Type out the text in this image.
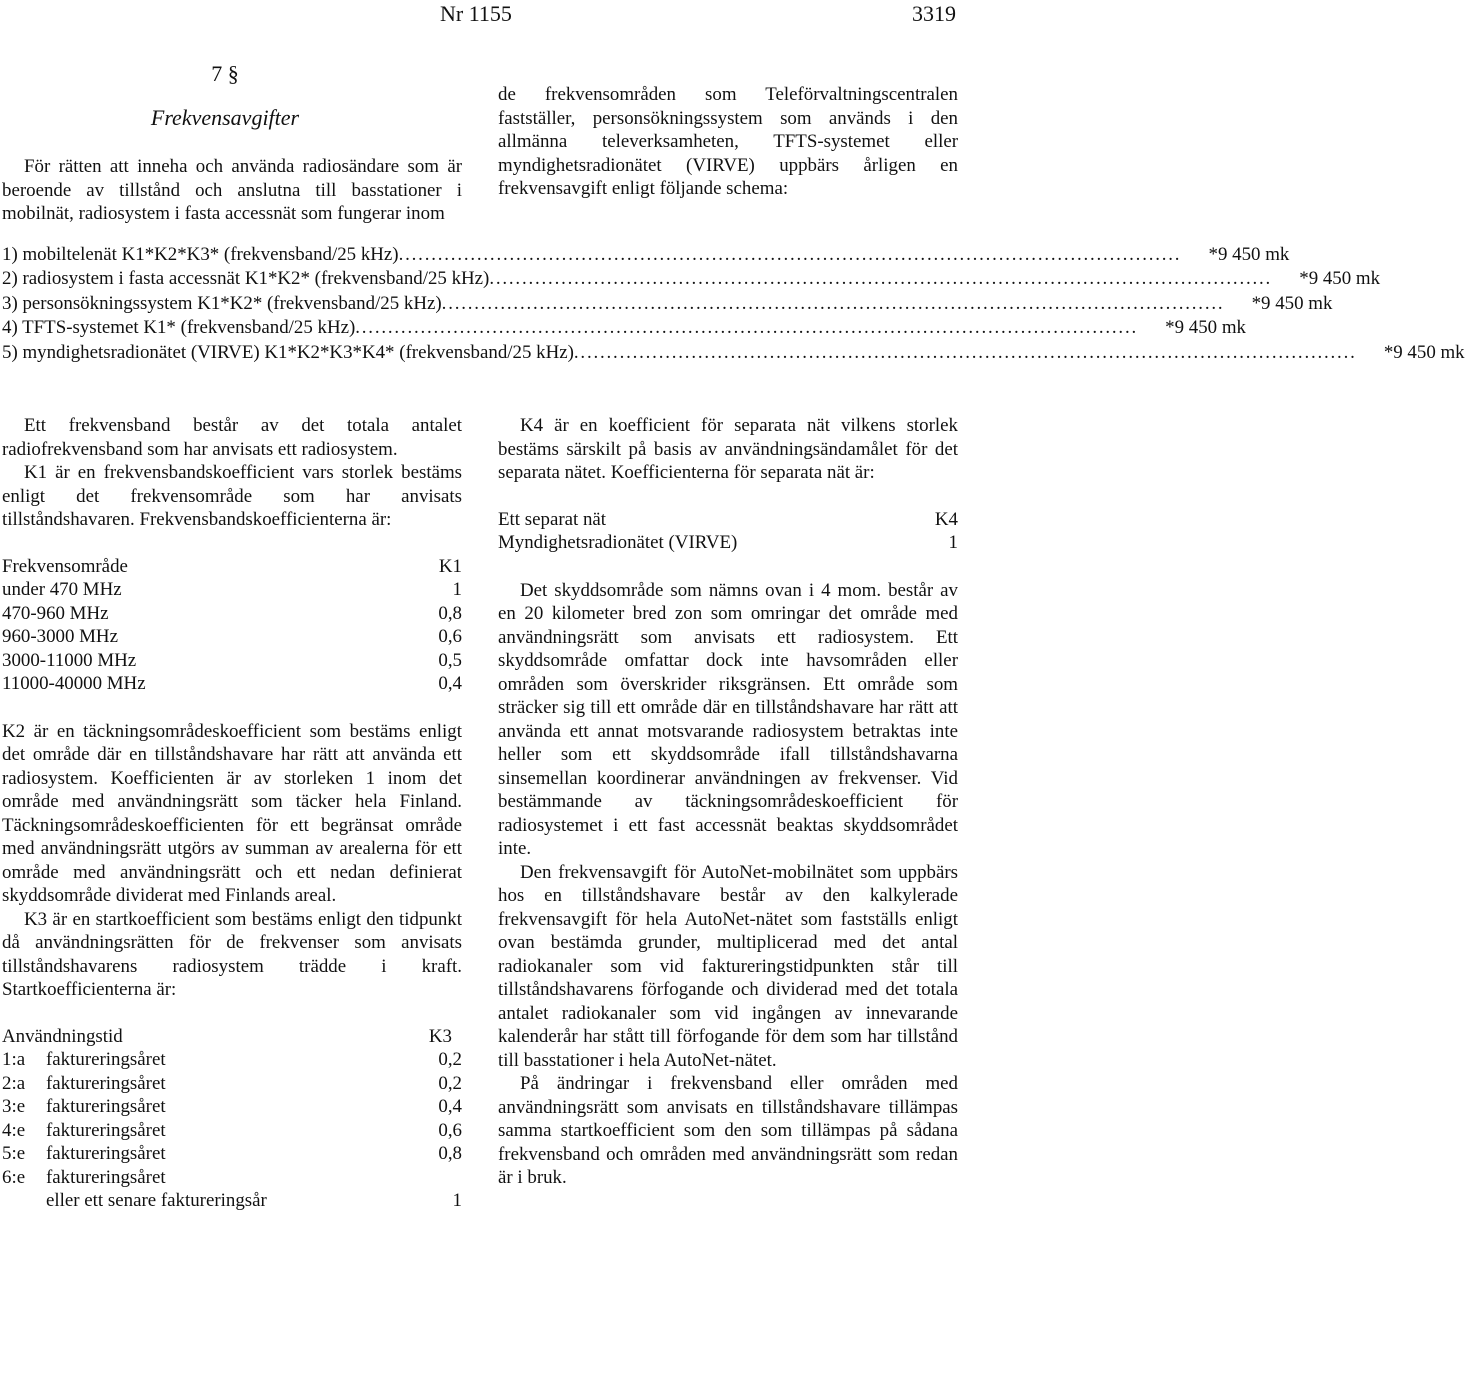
Nr 1155	3319
7 §
Frekvensavgifter

För rätten att inneha och använda radiosändare som är beroende av tillstånd och anslutna till basstationer i mobilnät, radiosystem i fasta accessnät som fungerar inom

de frekvensområden som Teleförvaltningscentralen fastställer, personsökningssystem som används i den allmänna televerksamheten, TFTS-systemet eller myndighetsradionätet (VIRVE) uppbärs årligen en frekvensavgift enligt följande schema:

1) mobiltelenät K1*K2*K3* (frekvensband/25 kHz) ........................................................................................................................	*9 450 mk
2) radiosystem i fasta accessnät K1*K2* (frekvensband/25 kHz) ........................................................................................................................	*9 450 mk
3) personsökningssystem K1*K2* (frekvensband/25 kHz) ........................................................................................................................	*9 450 mk
4) TFTS-systemet K1* (frekvensband/25 kHz) ........................................................................................................................	*9 450 mk
5) myndighetsradionätet (VIRVE) K1*K2*K3*K4* (frekvensband/25 kHz) ........................................................................................................................	*9 450 mk

Ett frekvensband består av det totala antalet radiofrekvensband som har anvisats ett radiosystem.

K1 är en frekvensbandskoefficient vars storlek bestäms enligt det frekvensområde som har anvisats tillståndshavaren. Frekvensbandskoefficienterna är:

Frekvensområde	K1
under 470 MHz	1
470-960 MHz	0,8
960-3000 MHz	0,6
3000-11000 MHz	0,5
11000-40000 MHz	0,4

K2 är en täckningsområdeskoefficient som bestäms enligt det område där en tillståndshavare har rätt att använda ett radiosystem. Koefficienten är av storleken 1 inom det område med användningsrätt som täcker hela Finland. Täckningsområdeskoefficienten för ett begränsat område med användningsrätt utgörs av summan av arealerna för ett område med användningsrätt och ett nedan definierat skyddsområde dividerat med Finlands areal.

K3 är en startkoefficient som bestäms enligt den tidpunkt då användningsrätten för de frekvenser som anvisats tillståndshavarens radiosystem trädde i kraft. Startkoefficienterna är:

Användningstid	K3
1:a	faktureringsåret	0,2
2:a	faktureringsåret	0,2
3:e	faktureringsåret	0,4
4:e	faktureringsåret	0,6
5:e	faktureringsåret	0,8
6:e	faktureringsåret
eller ett senare faktureringsår	1

K4 är en koefficient för separata nät vilkens storlek bestäms särskilt på basis av användningsändamålet för det separata nätet. Koefficienterna för separata nät är:

Ett separat nät	K4
Myndighetsradionätet (VIRVE)	1

Det skyddsområde som nämns ovan i 4 mom. består av en 20 kilometer bred zon som omringar det område med användningsrätt som anvisats ett radiosystem. Ett skyddsområde omfattar dock inte havsområden eller områden som överskrider riksgränsen. Ett område som sträcker sig till ett område där en tillståndshavare har rätt att använda ett annat motsvarande radiosystem betraktas inte heller som ett skyddsområde ifall tillståndshavarna sinsemellan koordinerar användningen av frekvenser. Vid bestämmande av täckningsområdeskoefficient för radiosystemet i ett fast accessnät beaktas skyddsområdet inte.

Den frekvensavgift för AutoNet-mobilnätet som uppbärs hos en tillståndshavare består av den kalkylerade frekvensavgift för hela AutoNet-nätet som fastställs enligt ovan bestämda grunder, multiplicerad med det antal radiokanaler som vid faktureringstidpunkten står till tillståndshavarens förfogande och dividerad med det totala antalet radiokanaler som vid ingången av innevarande kalenderår har stått till förfogande för dem som har tillstånd till basstationer i hela AutoNet-nätet.

På ändringar i frekvensband eller områden med användningsrätt som anvisats en tillståndshavare tillämpas samma startkoefficient som den som tillämpas på sådana frekvensband och områden med användningsrätt som redan är i bruk.
